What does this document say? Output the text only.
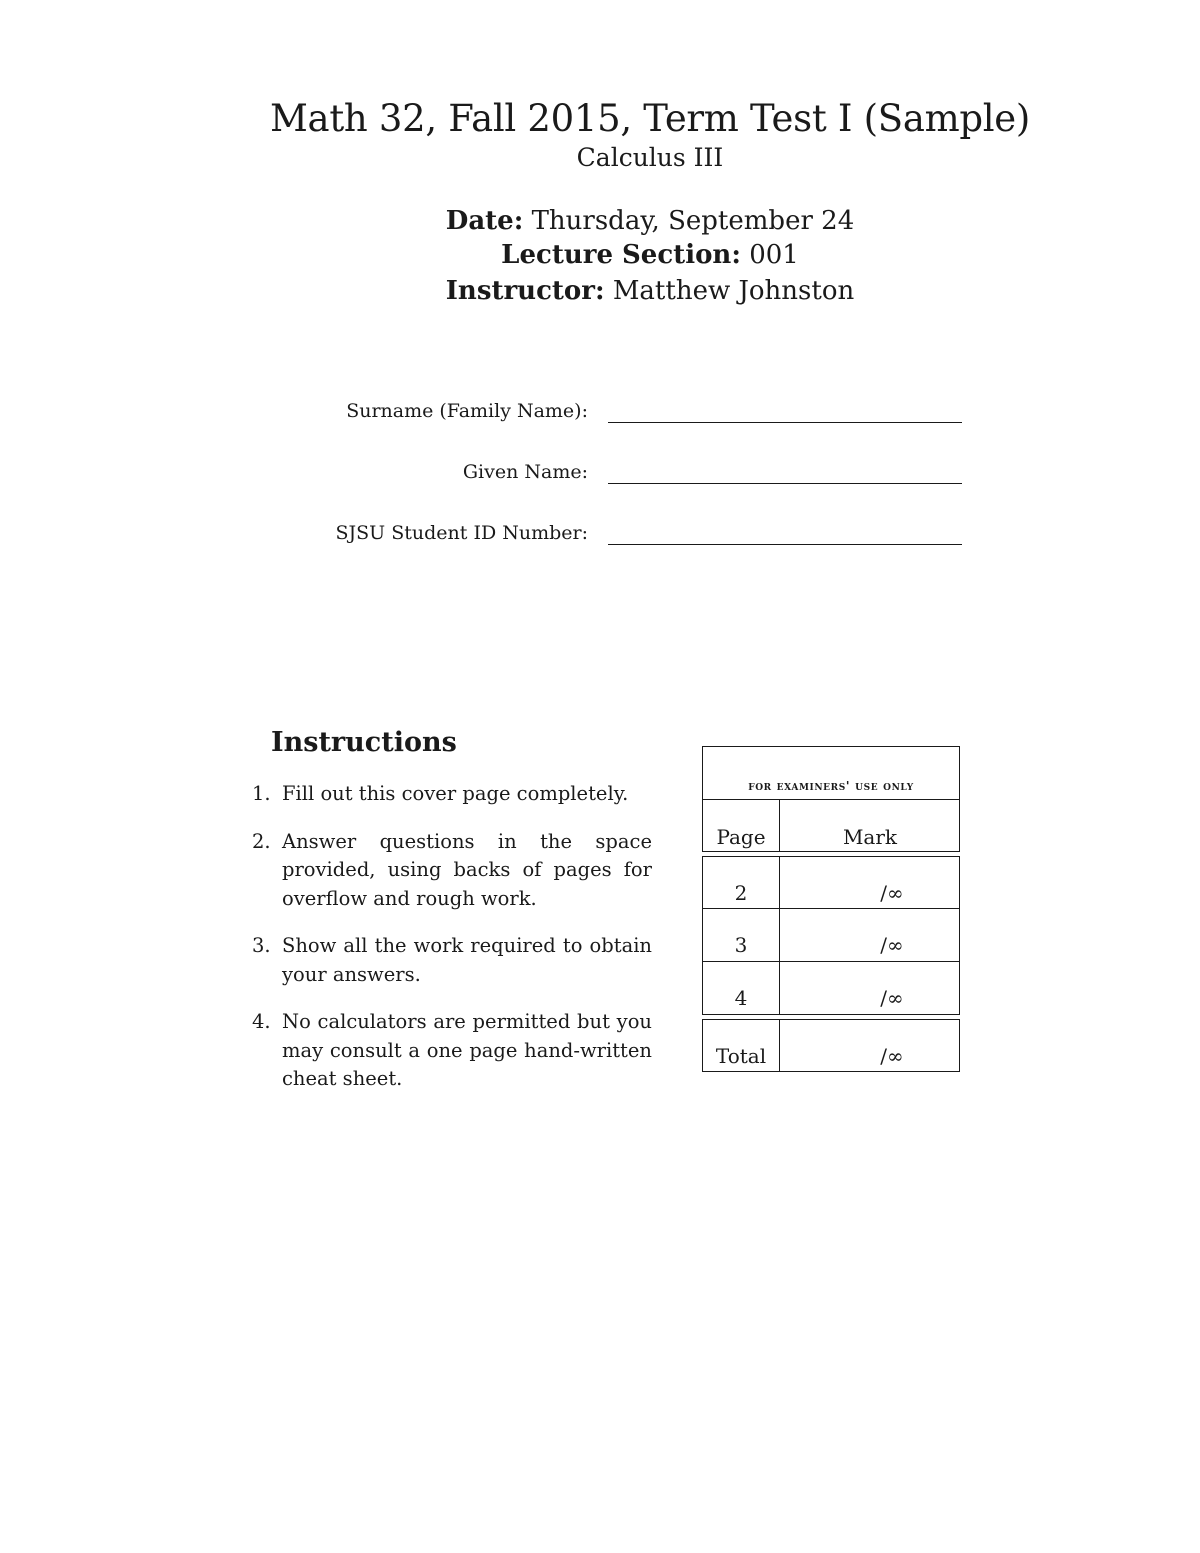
Math 32, Fall 2015, Term Test I (Sample)
Calculus III
Date: Thursday, September 24
Lecture Section: 001
Instructor: Matthew Johnston
Surname (Family Name):
Given Name:
SJSU Student ID Number:
Instructions
1. Fill out this cover page completely.
2. Answer questions in the space provided, using backs of pages for overflow and rough work.
3. Show all the work required to obtain your answers.
4. No calculators are permitted but you may consult a one page hand-written cheat sheet.
for examiners' use only
Page	Mark
2	/∞
3	/∞
4	/∞
Total	/∞
